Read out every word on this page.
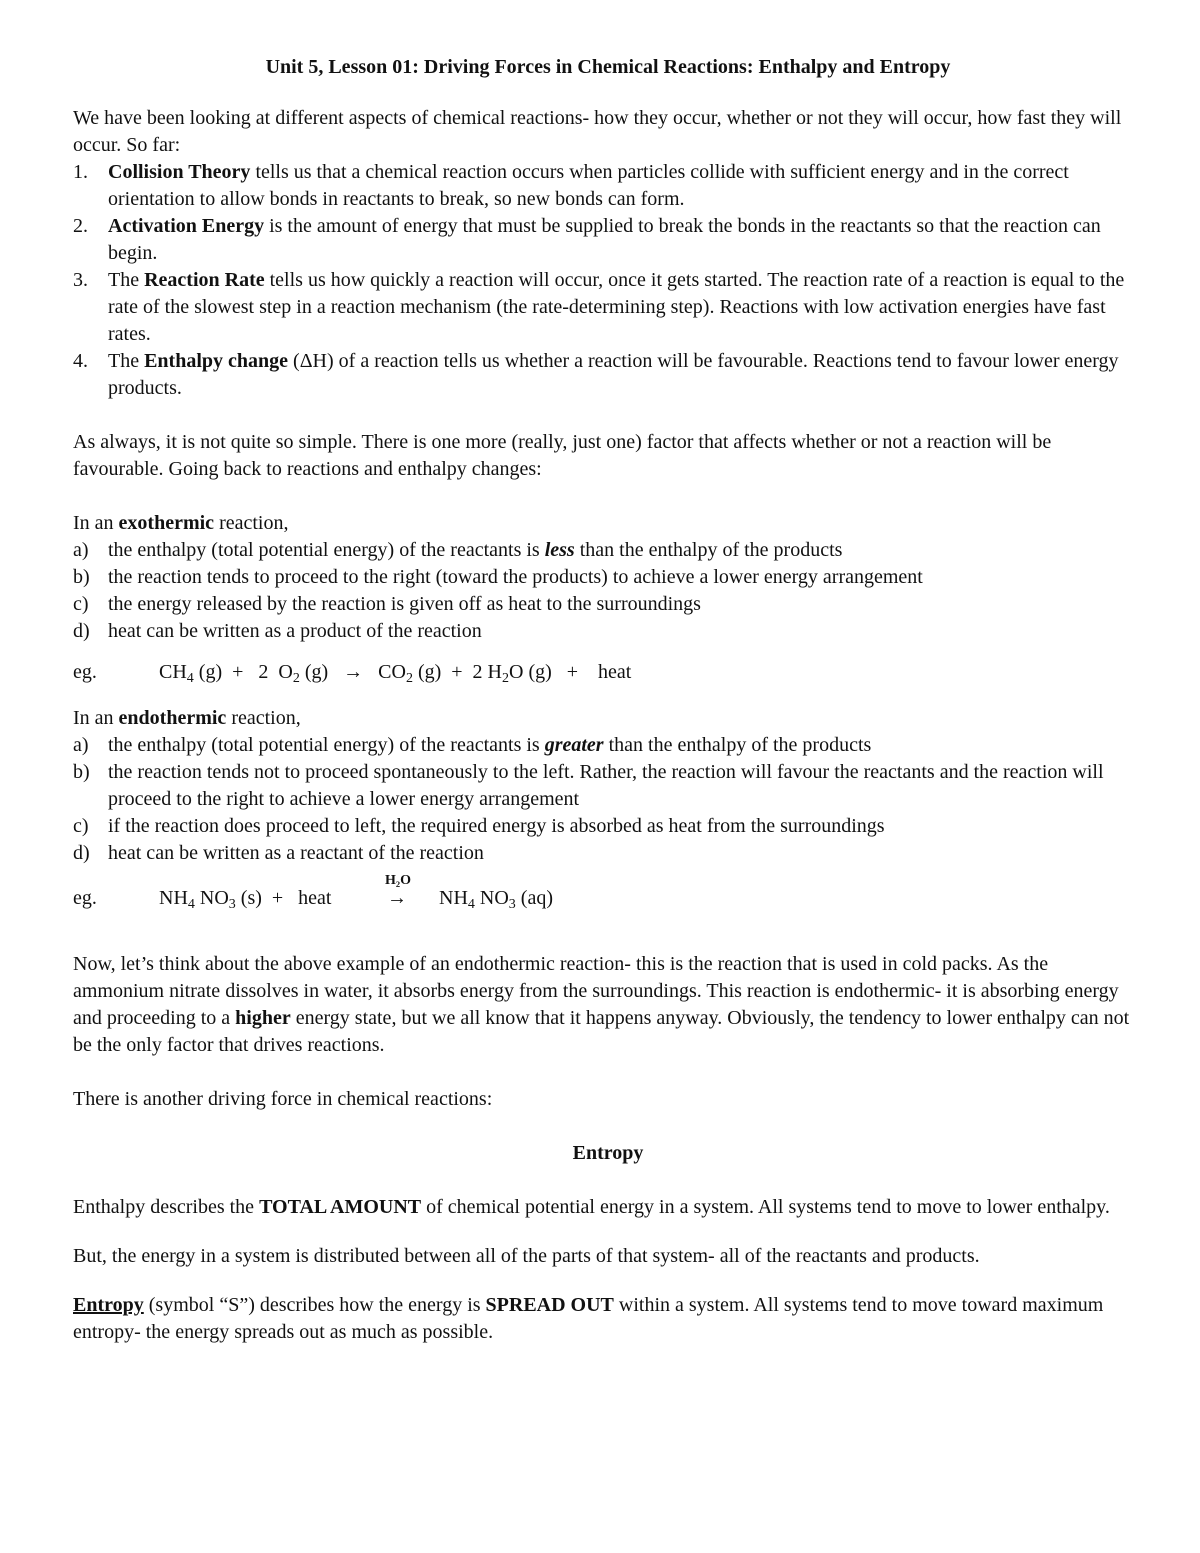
Unit 5, Lesson 01: Driving Forces in Chemical Reactions: Enthalpy and Entropy

We have been looking at different aspects of chemical reactions- how they occur, whether or not they will occur, how fast they will occur. So far:

1. Collision Theory tells us that a chemical reaction occurs when particles collide with sufficient energy and in the correct orientation to allow bonds in reactants to break, so new bonds can form.
2. Activation Energy is the amount of energy that must be supplied to break the bonds in the reactants so that the reaction can begin.
3. The Reaction Rate tells us how quickly a reaction will occur, once it gets started. The reaction rate of a reaction is equal to the rate of the slowest step in a reaction mechanism (the rate-determining step). Reactions with low activation energies have fast rates.
4. The Enthalpy change (ΔH) of a reaction tells us whether a reaction will be favourable. Reactions tend to favour lower energy products.

As always, it is not quite so simple. There is one more (really, just one) factor that affects whether or not a reaction will be favourable. Going back to reactions and enthalpy changes:

In an exothermic reaction,

a) the enthalpy (total potential energy) of the reactants is less than the enthalpy of the products
b) the reaction tends to proceed to the right (toward the products) to achieve a lower energy arrangement
c) the energy released by the reaction is given off as heat to the surroundings
d) heat can be written as a product of the reaction
eg.	$CH_4$ (g)  +   2  $O_2$ $(g) \to CO_2$ (g)  +  2 $H_2O$ (g)   +    heat

In an endothermic reaction,

a) the enthalpy (total potential energy) of the reactants is greater than the enthalpy of the products
b) the reaction tends not to proceed spontaneously to the left. Rather, the reaction will favour the reactants and the reaction will proceed to the right to achieve a lower energy arrangement
c) if the reaction does proceed to left, the required energy is absorbed as heat from the surroundings
d) heat can be written as a reactant of the reaction
H₂O
eg.	$NH_4$ $NO_3$ (s)  +   heat	→ $NH_4$ $NO_3$ (aq)

Now, let’s think about the above example of an endothermic reaction- this is the reaction that is used in cold packs. As the ammonium nitrate dissolves in water, it absorbs energy from the surroundings. This reaction is endothermic- it is absorbing energy and proceeding to a higher energy state, but we all know that it happens anyway. Obviously, the tendency to lower enthalpy can not be the only factor that drives reactions.

There is another driving force in chemical reactions:

Entropy

Enthalpy describes the TOTAL AMOUNT of chemical potential energy in a system. All systems tend to move to lower enthalpy.

But, the energy in a system is distributed between all of the parts of that system- all of the reactants and products.

Entropy (symbol “S”) describes how the energy is SPREAD OUT within a system. All systems tend to move toward maximum entropy- the energy spreads out as much as possible.
